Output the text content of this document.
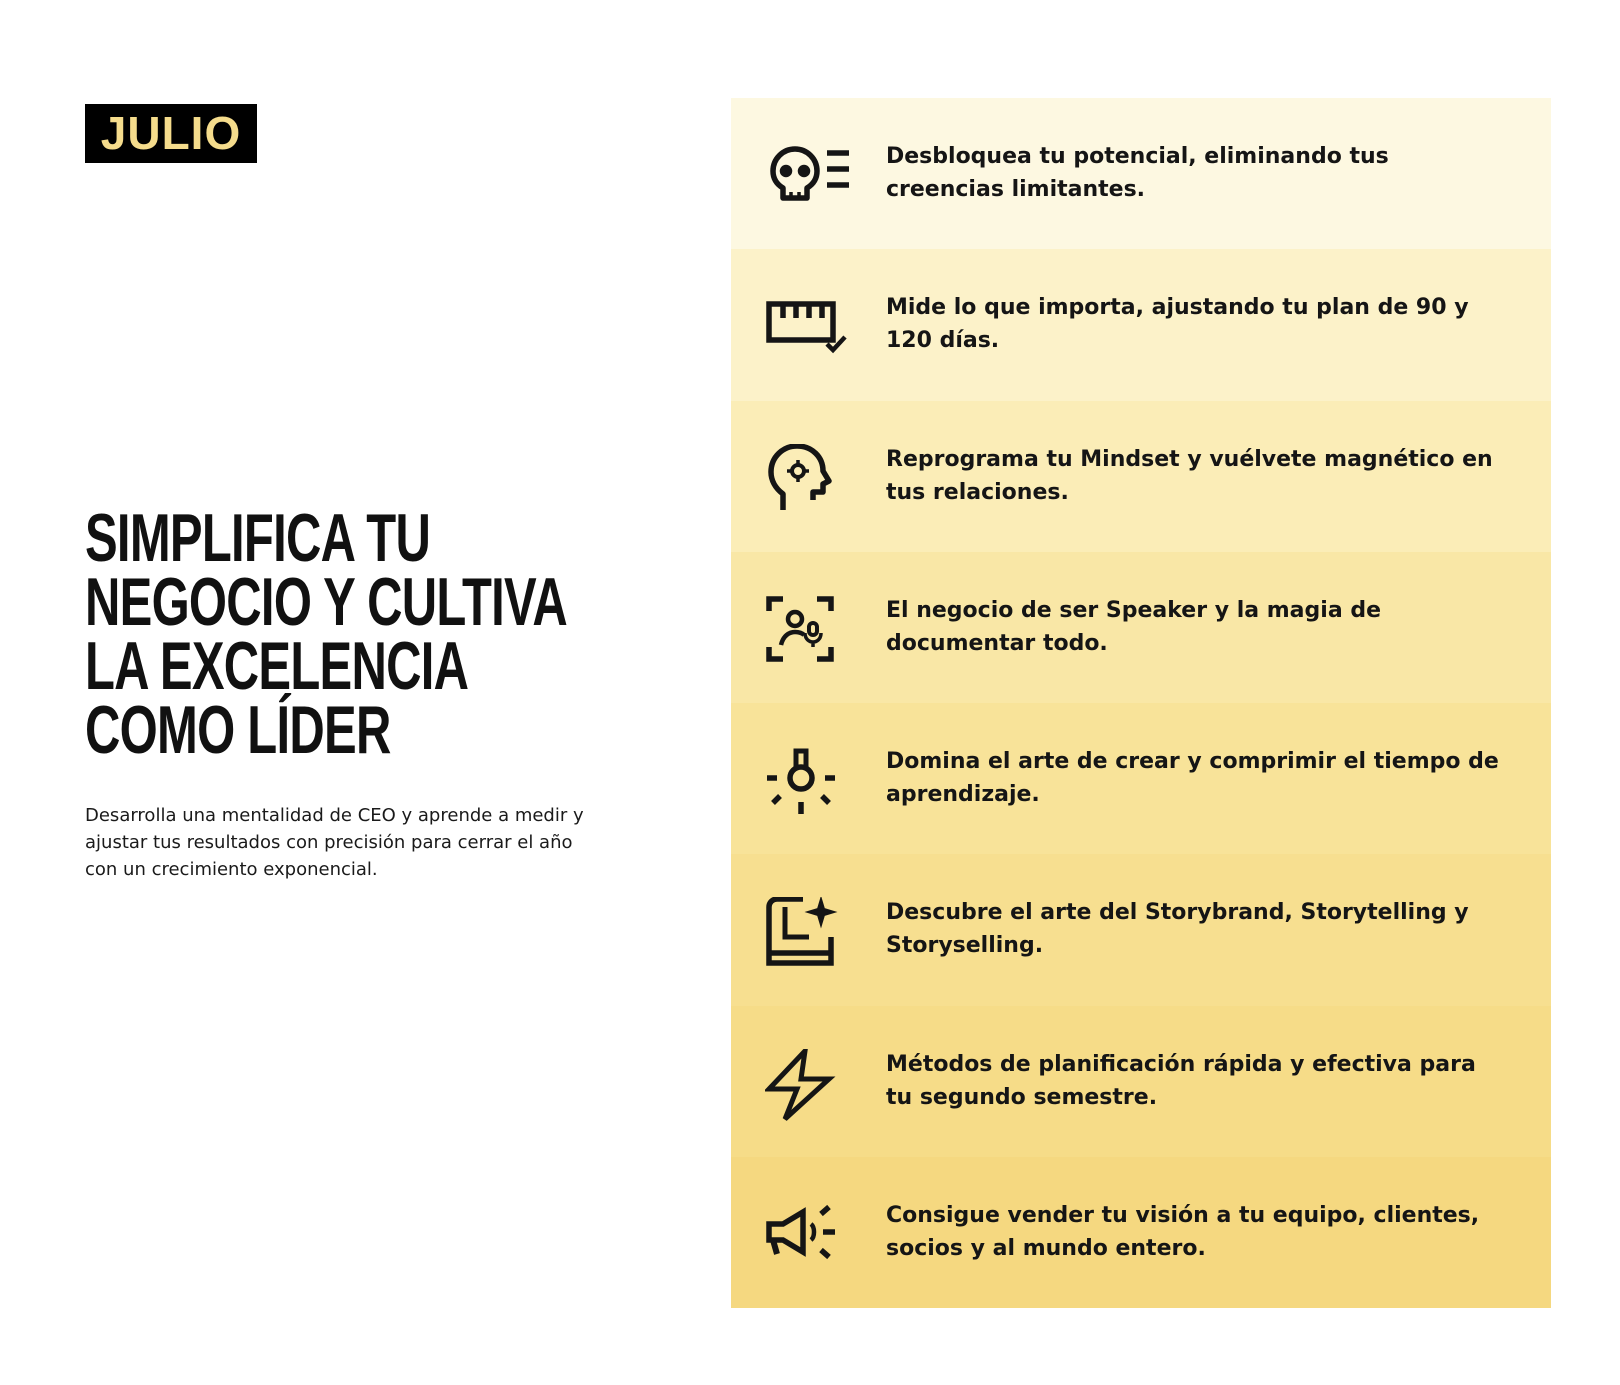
JULIO
SIMPLIFICA TU
NEGOCIO Y CULTIVA
LA EXCELENCIA
COMO LÍDER

Desarrolla una mentalidad de CEO y aprende a medir y ajustar tus resultados con precisión para cerrar el año con un crecimiento exponencial.

Desbloquea tu potencial, eliminando tus creencias limitantes.
Mide lo que importa, ajustando tu plan de 90 y 120 días.
Reprograma tu Mindset y vuélvete magnético en tus relaciones.
El negocio de ser Speaker y la magia de documentar todo.
Domina el arte de crear y comprimir el tiempo de aprendizaje.
Descubre el arte del Storybrand, Storytelling y Storyselling.
Métodos de planificación rápida y efectiva para tu segundo semestre.
Consigue vender tu visión a tu equipo, clientes, socios y al mundo entero.
